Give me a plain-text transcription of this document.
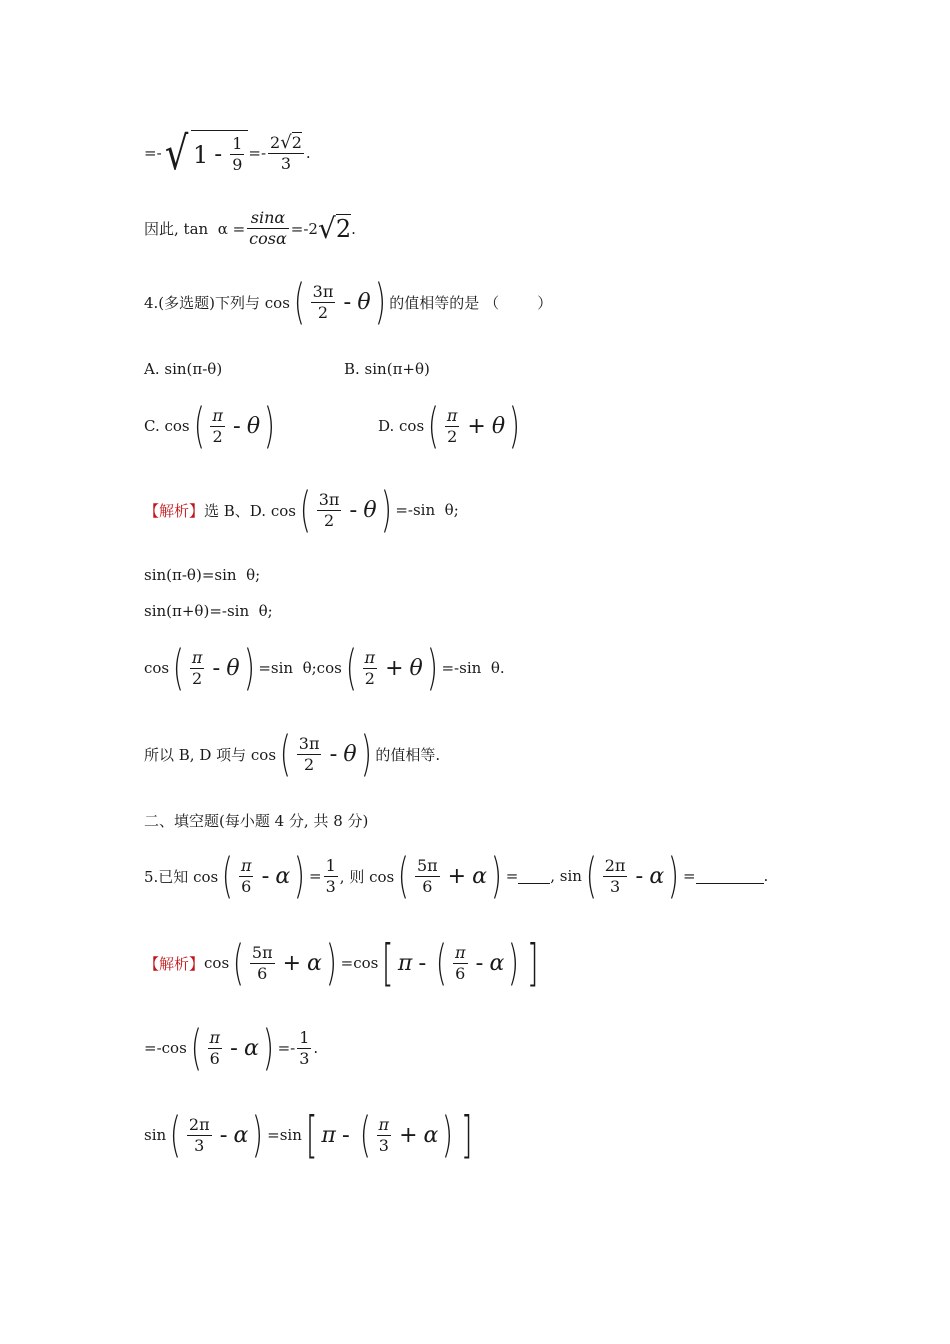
=- √ $1 - \frac{1}{9} =- \frac{2√2}{3}$ .
因此, $\tan \alpha = \frac{\sin\alpha}{\cos\alpha} =-2$ √ 2 .
4.(多选题)下列与 cos ( $\frac{3\pi}{2}$ - θ ) 的值相等的是 （        ）
A. sin(π-θ)	B. sin(π+θ)
C. cos ( $\frac{\pi}{2}$ - θ )	D. cos ( $\frac{\pi}{2} + \theta$ )
【解析】 选 B、D. cos ( $\frac{3\pi}{2}$ - θ ) =-sin  θ;
sin(π-θ)=sin  θ;
sin(π+θ)=-sin  θ;
cos ( $\frac{\pi}{2}$ - θ ) =sin  θ;cos ( $\frac{\pi}{2} + \theta$ ) =-sin  θ.
所以 B, D 项与 cos ( $\frac{3\pi}{2}$ - θ ) 的值相等.
二、填空题(每小题 4 分, 共 8 分)
5.已知 cos ( $\frac{\pi}{6}$ - α ) = $\frac{1}{3}$ , 则 cos ( $\frac{5\pi}{6} + \alpha$ ) = , sin ( $\frac{2\pi}{3}$ - α ) =	.
【解析】 cos ( $\frac{5\pi}{6} + \alpha$ ) =cos [ π - ( $\frac{\pi}{6}$ - α ) ]
=-cos ( $\frac{\pi}{6}$ - α ) =- $\frac{1}{3}$ .
sin ( $\frac{2\pi}{3}$ - α ) =sin [ π - ( $\frac{\pi}{3} + \alpha$ ) ]
